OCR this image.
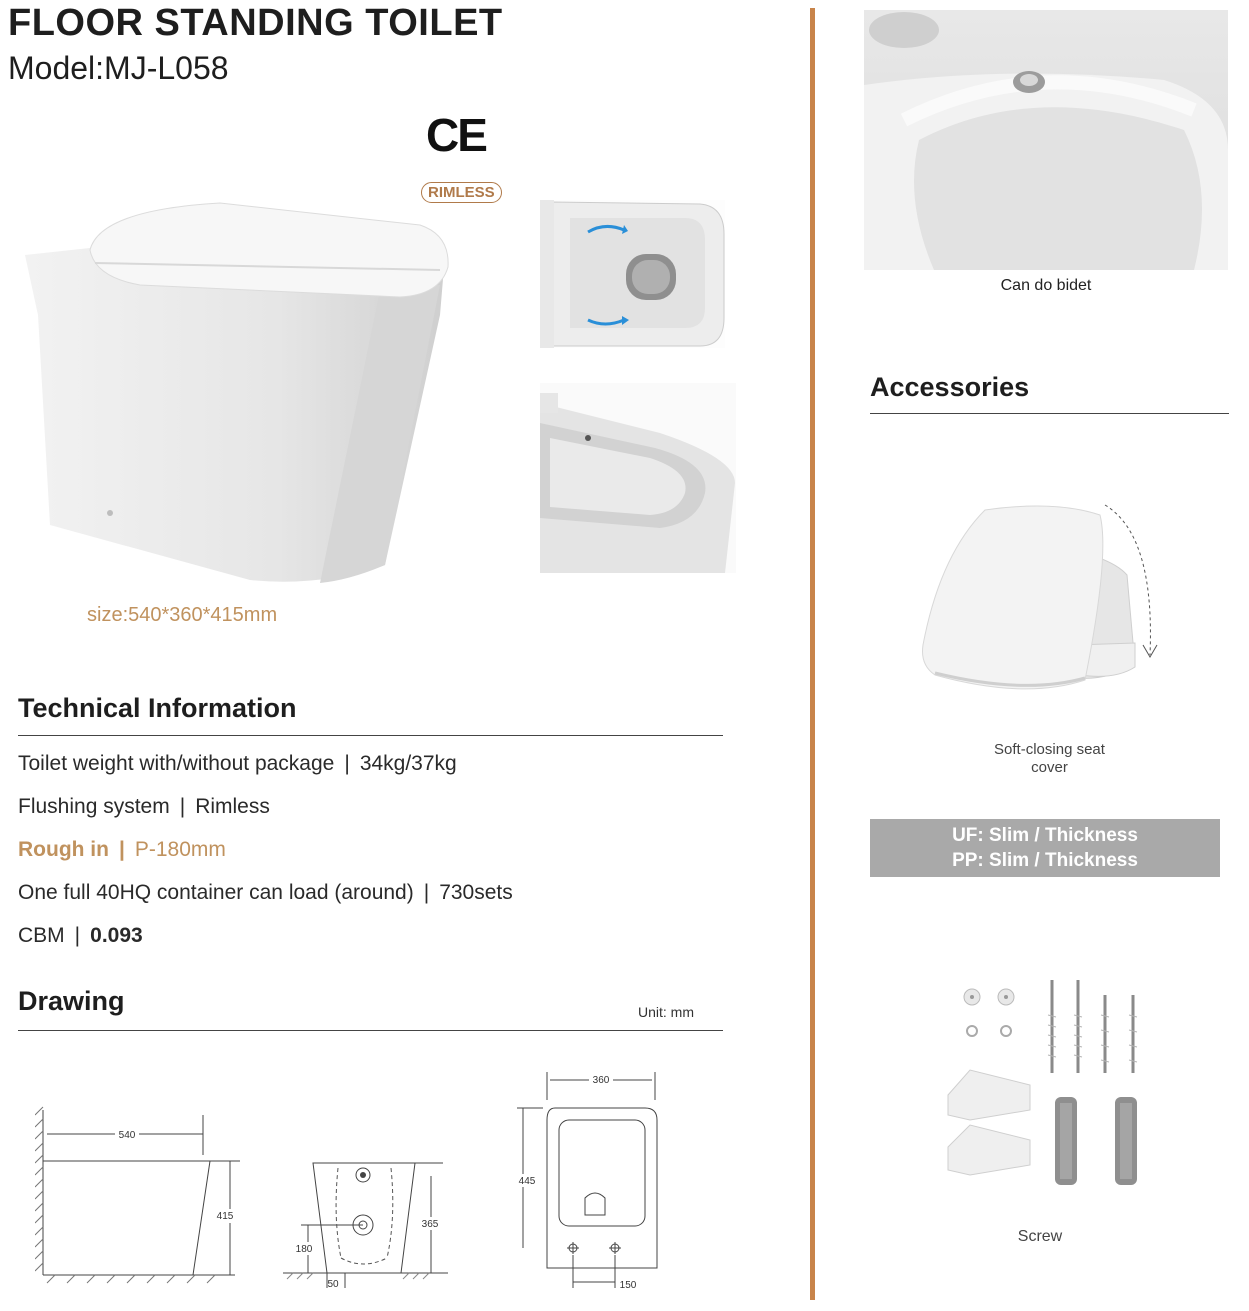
FLOOR STANDING TOILET
Model:MJ-L058
CE
RIMLESS
size:540*360*415mm
Technical Information
Toilet weight with/without package | 34kg/37kg
Flushing system | Rimless
Rough in | P-180mm
One full 40HQ container can load (around) | 730sets
CBM | 0.093
Drawing	Unit: mm
540
415
365
180
50
360
445
150
Can do bidet
Accessories
Soft-closing seat
cover
UF: Slim / Thickness
PP: Slim / Thickness
Screw
